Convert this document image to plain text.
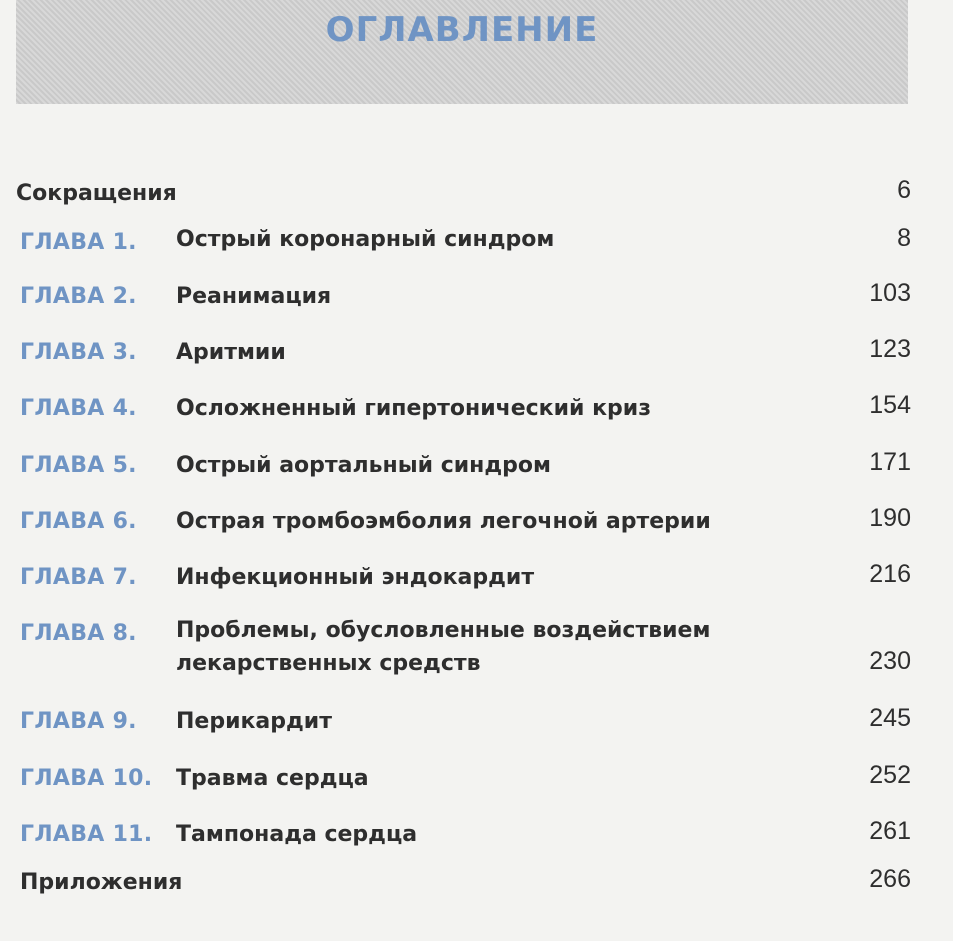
ОГЛАВЛЕНИЕ
Сокращения	6
ГЛАВА 1. Острый коронарный синдром	8
ГЛАВА 2. Реанимация	103
ГЛАВА 3. Аритмии	123
ГЛАВА 4. Осложненный гипертонический криз	154
ГЛАВА 5. Острый аортальный синдром	171
ГЛАВА 6. Острая тромбоэмболия легочной артерии	190
ГЛАВА 7. Инфекционный эндокардит	216
ГЛАВА 8. Проблемы, обусловленные воздействием
лекарственных средств	230
ГЛАВА 9. Перикардит	245
ГЛАВА 10. Травма сердца	252
ГЛАВА 11. Тампонада сердца	261
Приложения	266
